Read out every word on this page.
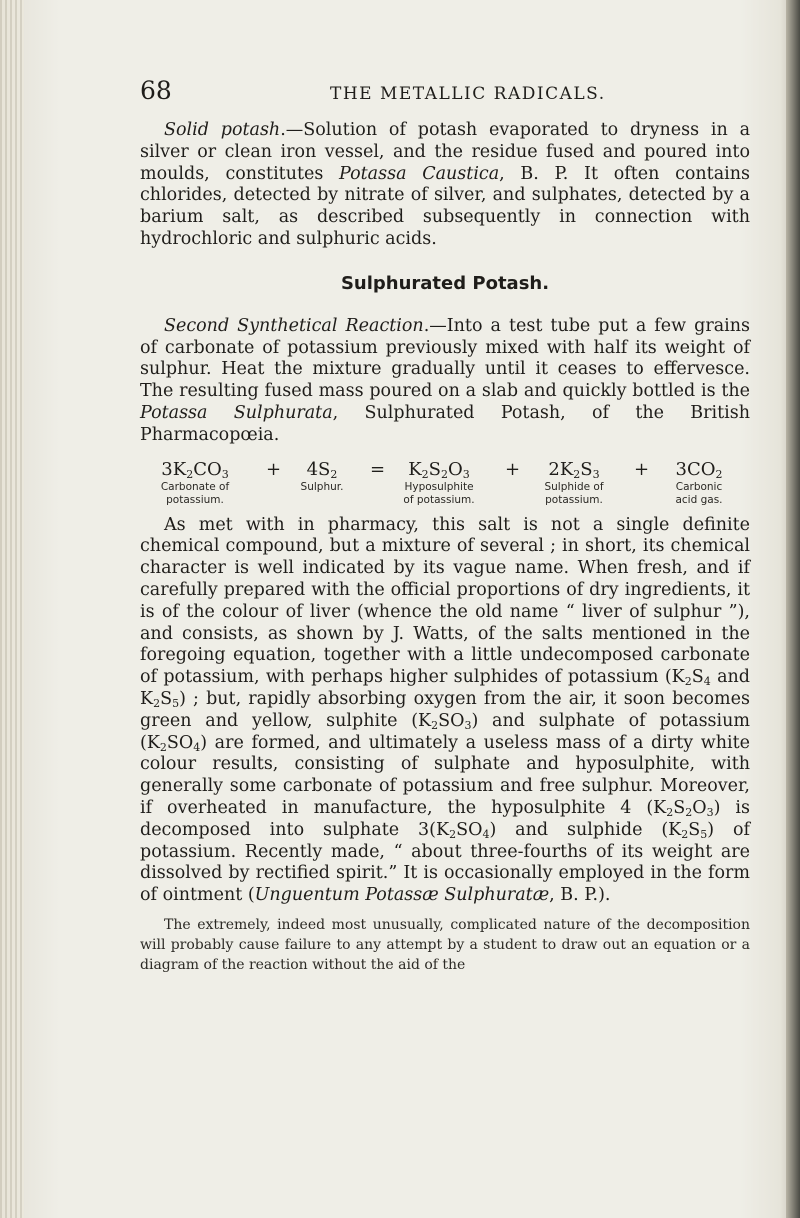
68	THE METALLIC RADICALS.

Solid potash.—Solution of potash evaporated to dryness in a silver or clean iron vessel, and the residue fused and poured into moulds, constitutes Potassa Caustica, B. P. It often contains chlorides, detected by nitrate of silver, and sulphates, detected by a barium salt, as described subsequently in connection with hydrochloric and sulphuric acids.

Sulphurated Potash.

Second Synthetical Reaction.—Into a test tube put a few grains of carbonate of potassium previously mixed with half its weight of sulphur. Heat the mixture gradually until it ceases to effervesce. The resulting fused mass poured on a slab and quickly bottled is the Potassa Sulphurata, Sulphurated Potash, of the British Pharmacopœia.

$3K_2CO_3$
Carbonate of
potassium.
+	$4S_2$
Sulphur.
=	$K_2S_2O_3$
Hyposulphite
of potassium.
+	$2K_2S_3$
Sulphide of
potassium.
+	$3CO_2$
Carbonic
acid gas.

As met with in pharmacy, this salt is not a single definite chemical compound, but a mixture of several ; in short, its chemical character is well indicated by its vague name. When fresh, and if carefully prepared with the official proportions of dry ingredients, it is of the colour of liver (whence the old name “ liver of sulphur ”), and consists, as shown by J. Watts, of the salts mentioned in the foregoing equation, together with a little undecomposed carbonate of potassium, with perhaps higher sulphides of potassium ($K_2S_4$ and $K_2S_5$) ; but, rapidly absorbing oxygen from the air, it soon becomes green and yellow, sulphite $(K_2SO_3)$ and sulphate of potassium $(K_2SO_4)$ are formed, and ultimately a useless mass of a dirty white colour results, consisting of sulphate and hyposulphite, with generally some carbonate of potassium and free sulphur. Moreover, if overheated in manufacture, the hyposulphite 4 $(K_2S_2O_3)$ is decomposed into sulphate $3(K_2SO_4)$ and sulphide $(K_2S_5)$ of potassium. Recently made, “ about three-fourths of its weight are dissolved by rectified spirit.” It is occasionally employed in the form of ointment (Unguentum Potassæ Sulphuratæ, B. P.).

The extremely, indeed most unusually, complicated nature of the decomposition will probably cause failure to any attempt by a student to draw out an equation or a diagram of the reaction without the aid of the
